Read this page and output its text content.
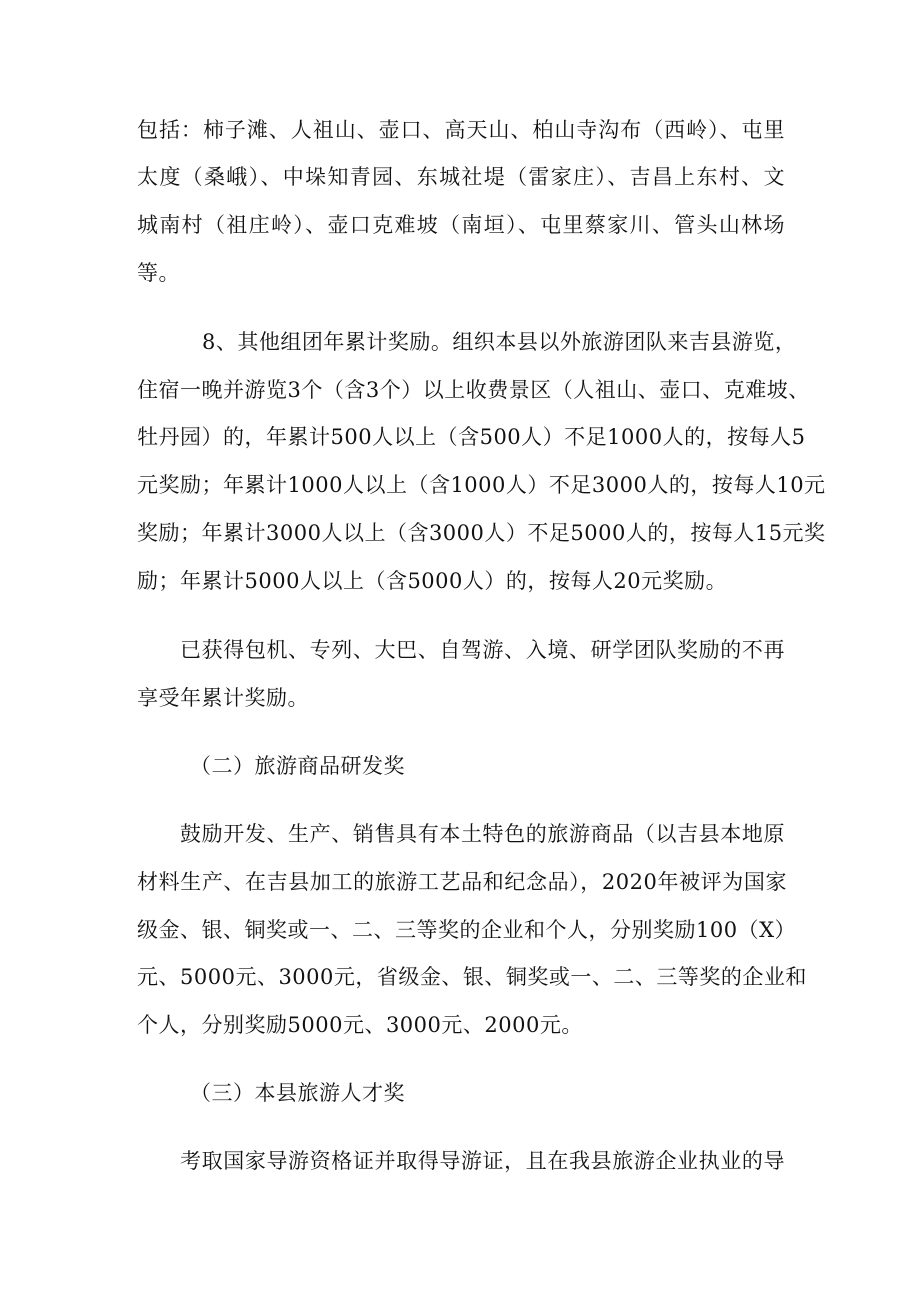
包括：柿子滩、人祖山、壶口、高天山、柏山寺沟布（西岭）、屯里
太度（桑峨）、中垛知青园、东城社堤（雷家庄）、吉昌上东村、文
城南村（祖庄岭）、壶口克难坡（南垣）、屯里蔡家川、管头山林场
等。
8、其他组团年累计奖励。组织本县以外旅游团队来吉县游览，
住宿一晚并游览3个（含3个）以上收费景区（人祖山、壶口、克难坡、
牡丹园）的，年累计500人以上（含500人）不足1000人的，按每人5
元奖励；年累计1000人以上（含1000人）不足3000人的，按每人10元
奖励；年累计3000人以上（含3000人）不足5000人的，按每人15元奖
励；年累计5000人以上（含5000人）的，按每人20元奖励。
已获得包机、专列、大巴、自驾游、入境、研学团队奖励的不再
享受年累计奖励。
（二）旅游商品研发奖
鼓励开发、生产、销售具有本土特色的旅游商品（以吉县本地原
材料生产、在吉县加工的旅游工艺品和纪念品），2020年被评为国家
级金、银、铜奖或一、二、三等奖的企业和个人，分别奖励100（X）
元、5000元、3000元，省级金、银、铜奖或一、二、三等奖的企业和
个人，分别奖励5000元、3000元、2000元。
（三）本县旅游人才奖
考取国家导游资格证并取得导游证，且在我县旅游企业执业的导
